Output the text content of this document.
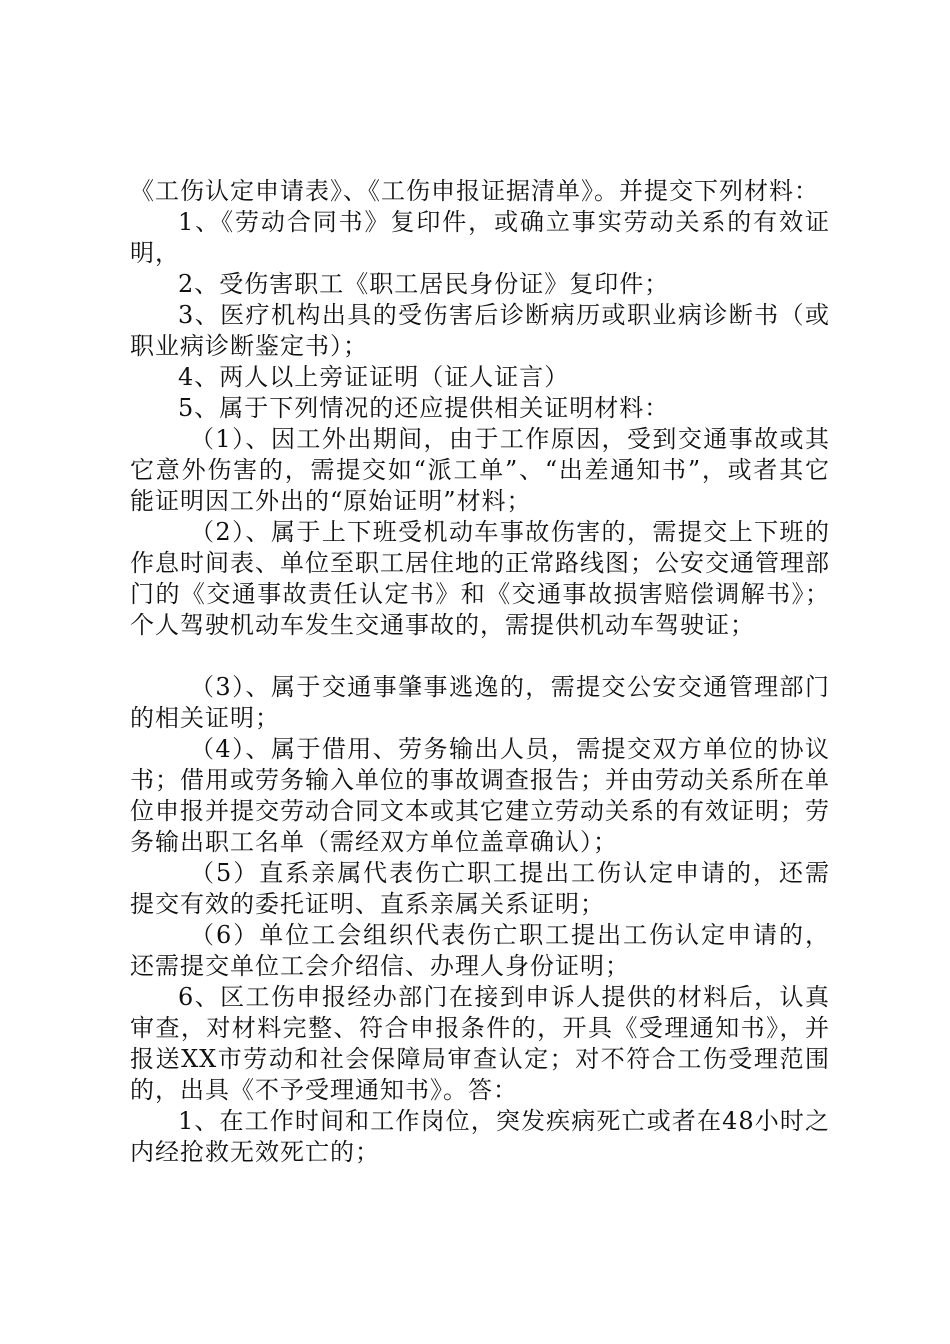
《工伤认定申请表》、《工伤申报证据清单》。并提交下列材料：

1、《劳动合同书》复印件，或确立事实劳动关系的有效证明，

2、受伤害职工《职工居民身份证》复印件；

3、医疗机构出具的受伤害后诊断病历或职业病诊断书（或职业病诊断鉴定书）；

4、两人以上旁证证明（证人证言）

5、属于下列情况的还应提供相关证明材料：

（1）、因工外出期间，由于工作原因，受到交通事故或其它意外伤害的，需提交如“派工单”、“出差通知书”，或者其它能证明因工外出的“原始证明”材料；

（2）、属于上下班受机动车事故伤害的，需提交上下班的作息时间表、单位至职工居住地的正常路线图；公安交通管理部门的《交通事故责任认定书》和《交通事故损害赔偿调解书》；个人驾驶机动车发生交通事故的，需提供机动车驾驶证；

（3）、属于交通事肇事逃逸的，需提交公安交通管理部门的相关证明；

（4）、属于借用、劳务输出人员，需提交双方单位的协议书；借用或劳务输入单位的事故调查报告；并由劳动关系所在单位申报并提交劳动合同文本或其它建立劳动关系的有效证明；劳务输出职工名单（需经双方单位盖章确认）；

（5）直系亲属代表伤亡职工提出工伤认定申请的，还需提交有效的委托证明、直系亲属关系证明；

（6）单位工会组织代表伤亡职工提出工伤认定申请的，还需提交单位工会介绍信、办理人身份证明；

6、区工伤申报经办部门在接到申诉人提供的材料后，认真审查，对材料完整、符合申报条件的，开具《受理通知书》，并报送XX市劳动和社会保障局审查认定；对不符合工伤受理范围的，出具《不予受理通知书》。答：

1、在工作时间和工作岗位，突发疾病死亡或者在48小时之内经抢救无效死亡的；
